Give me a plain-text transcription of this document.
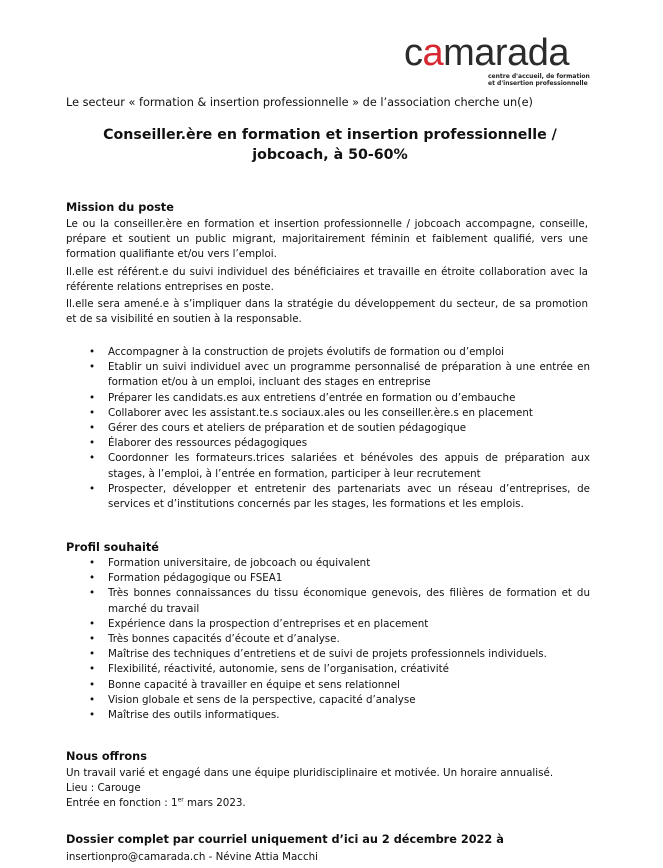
camarada
centre d'accueil, de formation
et d'insertion professionnelle
Le secteur « formation & insertion professionnelle » de l’association cherche un(e)
Conseiller.ère en formation et insertion professionnelle /
jobcoach, à 50-60%
Mission du poste
Le ou la conseiller.ère en formation et insertion professionnelle / jobcoach accompagne, conseille, prépare et soutient un public migrant, majoritairement féminin et faiblement qualifié, vers une formation qualifiante et/ou vers l’emploi.
Il.elle est référent.e du suivi individuel des bénéficiaires et travaille en étroite collaboration avec la référente relations entreprises en poste.
Il.elle sera amené.e à s’impliquer dans la stratégie du développement du secteur, de sa promotion et de sa visibilité en soutien à la responsable.
• Accompagner à la construction de projets évolutifs de formation ou d’emploi
• Etablir un suivi individuel avec un programme personnalisé de préparation à une entrée en formation et/ou à un emploi, incluant des stages en entreprise
• Préparer les candidats.es aux entretiens d’entrée en formation ou d’embauche
• Collaborer avec les assistant.te.s sociaux.ales ou les conseiller.ère.s en placement
• Gérer des cours et ateliers de préparation et de soutien pédagogique
• Élaborer des ressources pédagogiques
• Coordonner les formateurs.trices salariées et bénévoles des appuis de préparation aux stages, à l’emploi, à l’entrée en formation, participer à leur recrutement
• Prospecter, développer et entretenir des partenariats avec un réseau d’entreprises, de services et d’institutions concernés par les stages, les formations et les emplois.
Profil souhaité
• Formation universitaire, de jobcoach ou équivalent
• Formation pédagogique ou FSEA1
• Très bonnes connaissances du tissu économique genevois, des filières de formation et du marché du travail
• Expérience dans la prospection d’entreprises et en placement
• Très bonnes capacités d’écoute et d’analyse.
• Maîtrise des techniques d’entretiens et de suivi de projets professionnels individuels.
• Flexibilité, réactivité, autonomie, sens de l’organisation, créativité
• Bonne capacité à travailler en équipe et sens relationnel
• Vision globale et sens de la perspective, capacité d’analyse
• Maîtrise des outils informatiques.
Nous offrons
Un travail varié et engagé dans une équipe pluridisciplinaire et motivée. Un horaire annualisé.
Lieu : Carouge
Entrée en fonction : 1er mars 2023.
Dossier complet par courriel uniquement d’ici au 2 décembre 2022 à
insertionpro@camarada.ch - Névine Attia Macchi
